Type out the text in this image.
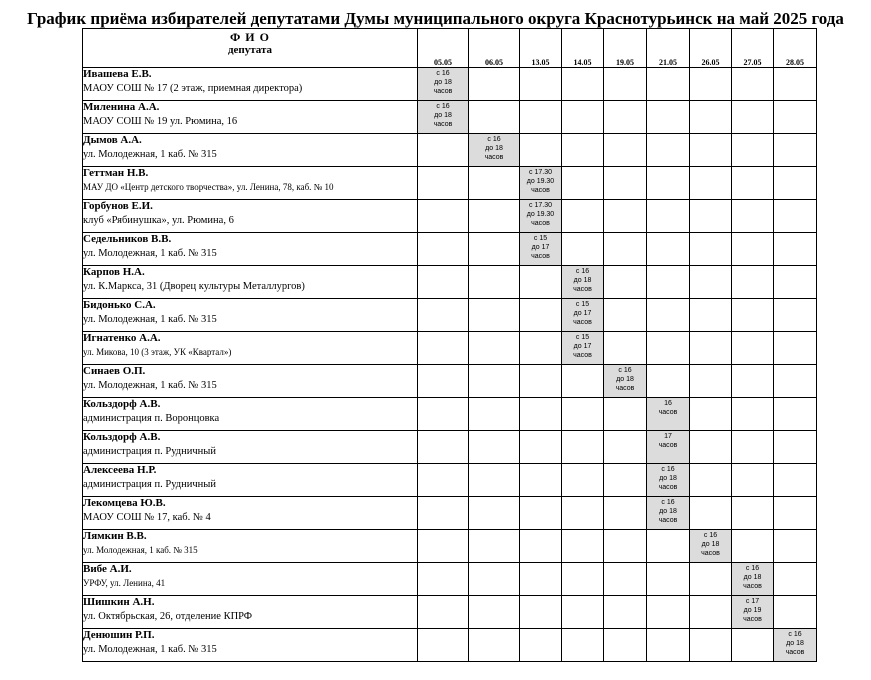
График приёма избирателей депутатами Думы муниципального округа Краснотурьинск на май 2025 года
Ф И О
депутата	05.05	06.05	13.05	14.05	19.05	21.05	26.05	27.05	28.05

Ивашева Е.В.
МАОУ СОШ № 17 (2 этаж, приемная директора)	с 16
до 18
часов								

Миленина А.А.
МАОУ СОШ № 19 ул. Рюмина, 16	с 16
до 18
часов								

Дымов А.А.
ул. Молодежная, 1 каб. № 315		с 16
до 18
часов							

Геттман Н.В.
МАУ ДО «Центр детского творчества», ул. Ленина, 78, каб. № 10			с 17.30
до 19.30
часов						

Горбунов Е.И.
клуб «Рябинушка», ул. Рюмина, 6			с 17.30
до 19.30
часов						

Седельников В.В.
ул. Молодежная, 1 каб. № 315			с 15
до 17
часов						

Карпов Н.А.
ул. К.Маркса, 31 (Дворец культуры Металлургов)				с 16
до 18
часов					

Бидонько С.А.
ул. Молодежная, 1 каб. № 315				с 15
до 17
часов					

Игнатенко А.А.
ул. Микова, 10 (3 этаж, УК «Квартал»)				с 15
до 17
часов					

Синаев О.П.
ул. Молодежная, 1 каб. № 315					с 16
до 18
часов				

Кольздорф А.В.
администрация п. Воронцовка						16
часов			

Кольздорф А.В.
администрация п. Рудничный						17
часов			

Алексеева Н.Р.
администрация п. Рудничный						с 16
до 18
часов			

Лекомцева Ю.В.
МАОУ СОШ № 17, каб. № 4						с 16
до 18
часов			

Лямкин В.В.
ул. Молодежная, 1 каб. № 315							с 16
до 18
часов		

Вибе А.И.
УРФУ, ул. Ленина, 41								с 16
до 18
часов	

Шишкин А.Н.
ул. Октябрьская, 26, отделение КПРФ								с 17
до 19
часов	

Денюшин Р.П.
ул. Молодежная, 1 каб. № 315									с 16
до 18
часов
